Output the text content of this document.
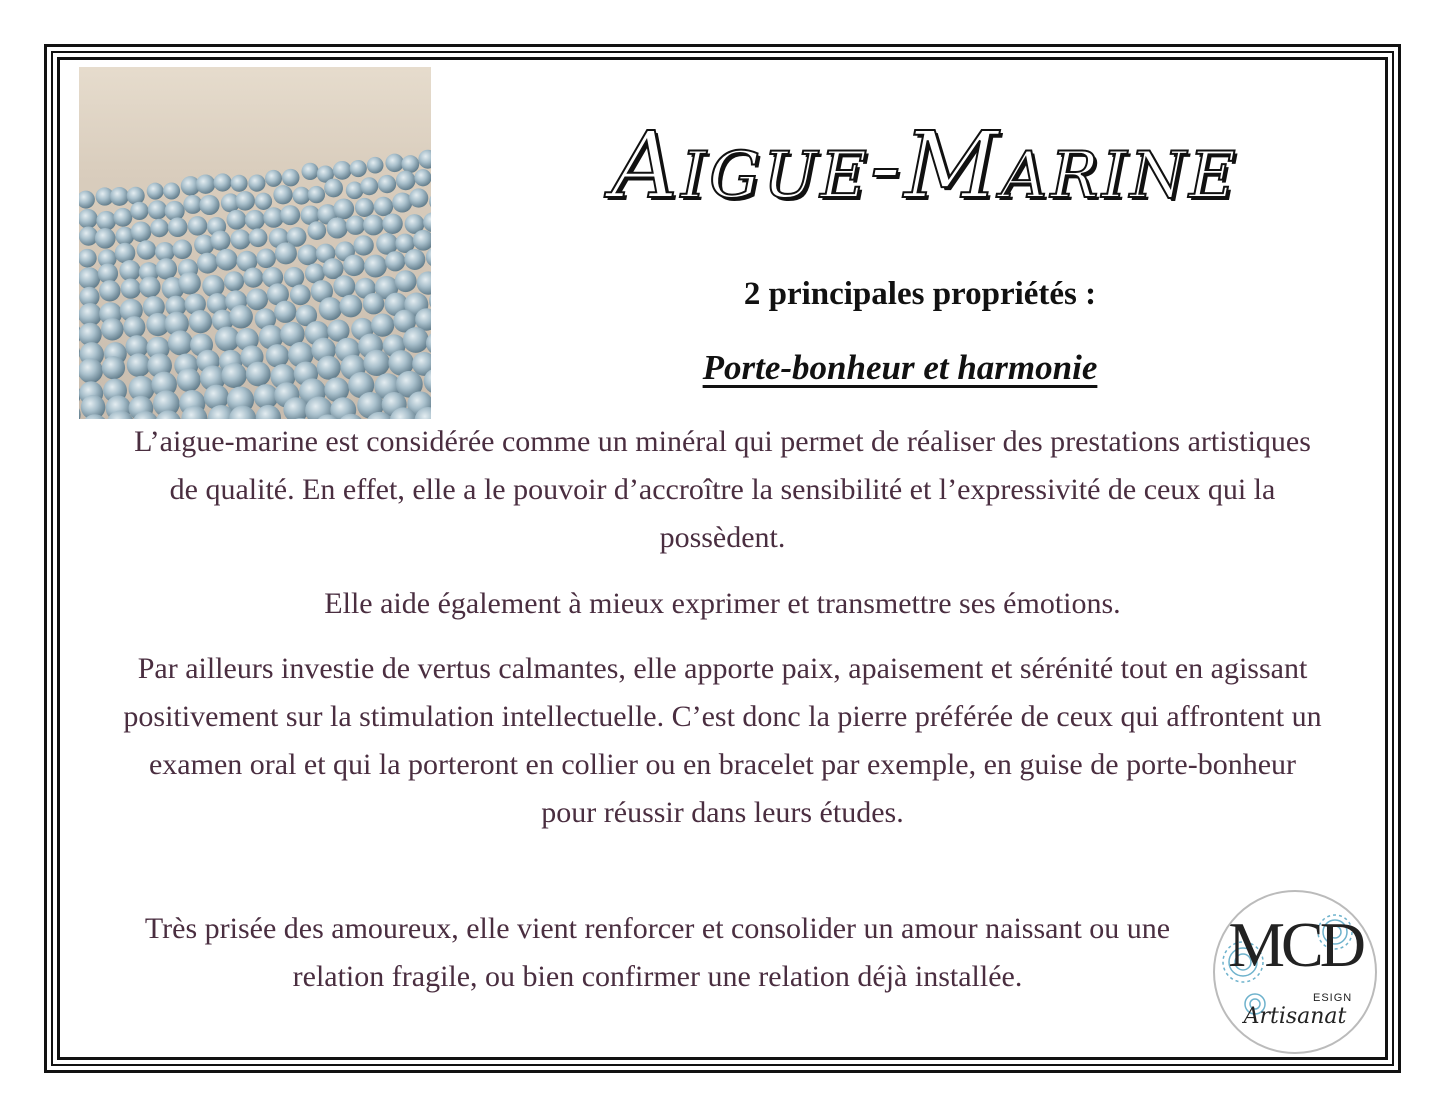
Aigue-Marine
2 principales propriétés :
Porte-bonheur et harmonie

L’aigue-marine est considérée comme un minéral qui permet de réaliser des prestations artistiques de qualité. En effet, elle a le pouvoir d’accroître la sensibilité et l’expressivité de ceux qui la possèdent.

Elle aide également à mieux exprimer et transmettre ses émotions.

Par ailleurs investie de vertus calmantes, elle apporte paix, apaisement et sérénité tout en agissant positivement sur la stimulation intellectuelle. C’est donc la pierre préférée de ceux qui affrontent un examen oral et qui la porteront en collier ou en bracelet par exemple, en guise de porte-bonheur pour réussir dans leurs études.

Très prisée des amoureux, elle vient renforcer et consolider un amour naissant ou une relation fragile, ou bien confirmer une relation déjà installée.	MCD
ESIGN
Artisanat
